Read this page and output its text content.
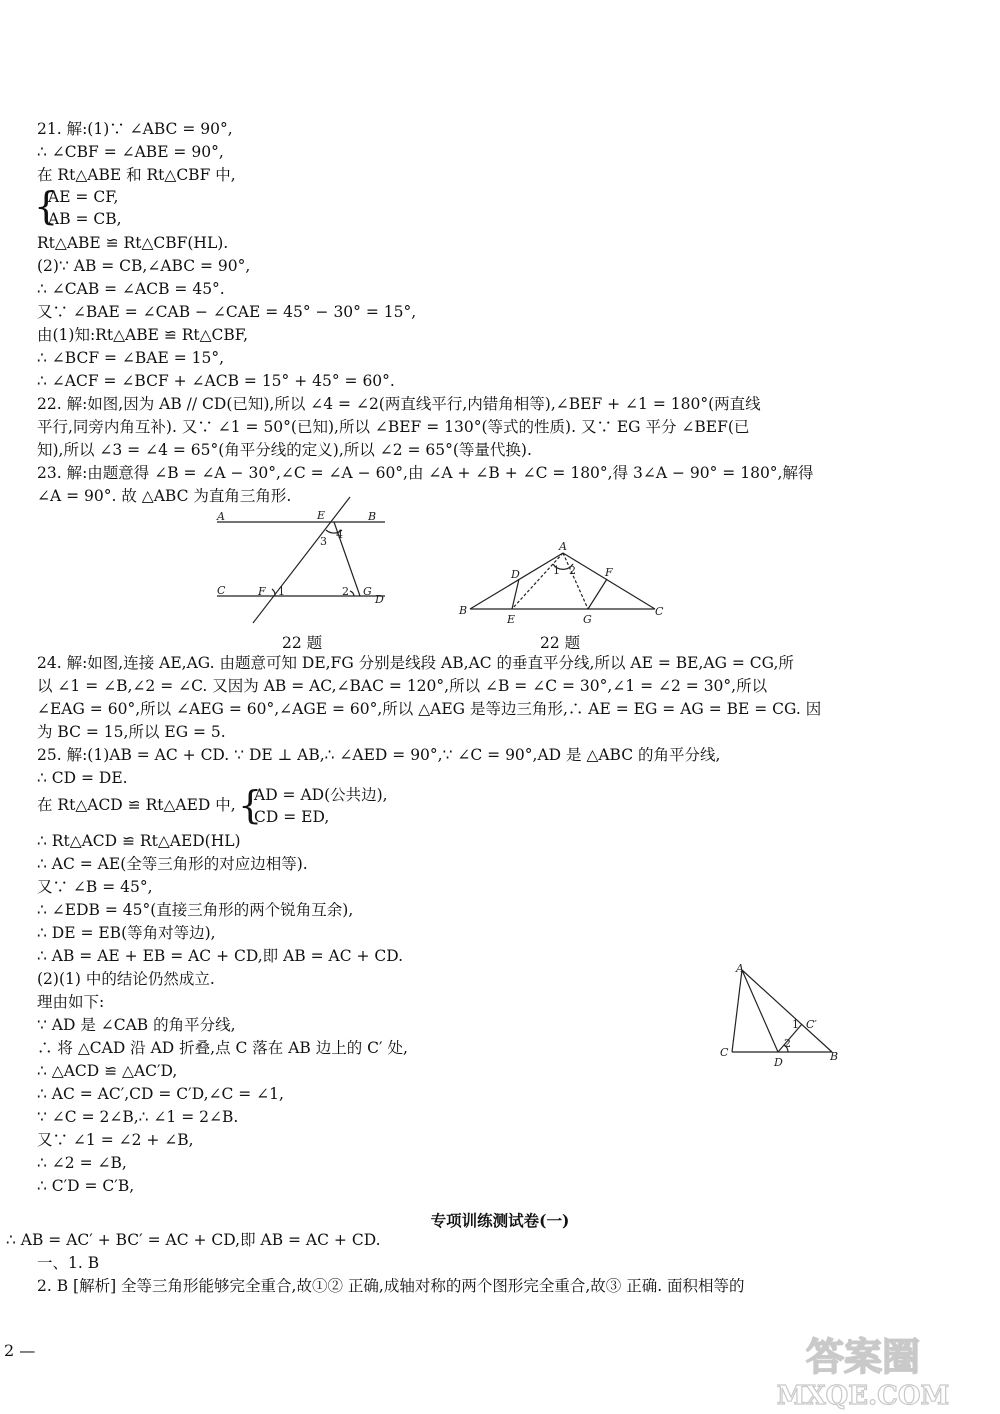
21. 解:(1)∵ ∠ABC = 90°,
∴ ∠CBF = ∠ABE = 90°,
在 Rt△ABE 和 Rt△CBF 中,
{
AE = CF,
AB = CB,
Rt△ABE ≌ Rt△CBF(HL).
(2)∵ AB = CB,∠ABC = 90°,
∴ ∠CAB = ∠ACB = 45°.
又∵ ∠BAE = ∠CAB − ∠CAE = 45° − 30° = 15°,
由(1)知:Rt△ABE ≌ Rt△CBF,
∴ ∠BCF = ∠BAE = 15°,
∴ ∠ACF = ∠BCF + ∠ACB = 15° + 45° = 60°.
22. 解:如图,因为 AB // CD(已知),所以 ∠4 = ∠2(两直线平行,内错角相等),∠BEF + ∠1 = 180°(两直线
平行,同旁内角互补). 又∵ ∠1 = 50°(已知),所以 ∠BEF = 130°(等式的性质). 又∵ EG 平分 ∠BEF(已
知),所以 ∠3 = ∠4 = 65°(角平分线的定义),所以 ∠2 = 65°(等量代换).
23. 解:由题意得 ∠B = ∠A − 30°,∠C = ∠A − 60°,由 ∠A + ∠B + ∠C = 180°,得 3∠A − 90° = 180°,解得
∠A = 90°. 故 △ABC 为直角三角形.
A	E	B
3
4
C	F 1	2 G
D
A
D	1 2	F
B
E	G
C
22 题	22 题
24. 解:如图,连接 AE,AG. 由题意可知 DE,FG 分别是线段 AB,AC 的垂直平分线,所以 AE = BE,AG = CG,所
以 ∠1 = ∠B,∠2 = ∠C. 又因为 AB = AC,∠BAC = 120°,所以 ∠B = ∠C = 30°,∠1 = ∠2 = 30°,所以
∠EAG = 60°,所以 ∠AEG = 60°,∠AGE = 60°,所以 △AEG 是等边三角形,∴ AE = EG = AG = BE = CG. 因
为 BC = 15,所以 EG = 5.
25. 解:(1)AB = AC + CD. ∵ DE ⊥ AB,∴ ∠AED = 90°,∵ ∠C = 90°,AD 是 △ABC 的角平分线,
∴ CD = DE.
在 Rt△ACD ≌ Rt△AED 中, {
AD = AD(公共边),
CD = ED,
∴ Rt△ACD ≌ Rt△AED(HL)
∴ AC = AE(全等三角形的对应边相等).
又∵ ∠B = 45°,
∴ ∠EDB = 45°(直接三角形的两个锐角互余),
∴ DE = EB(等角对等边),
∴ AB = AE + EB = AC + CD,即 AB = AC + CD.
(2)(1) 中的结论仍然成立.
理由如下:
∵ AD 是 ∠CAB 的角平分线,
∴ 将 △CAD 沿 AD 折叠,点 C 落在 AB 边上的 C′ 处,
∴ △ACD ≌ △AC′D,
∴ AC = AC′,CD = C′D,∠C = ∠1,
∵ ∠C = 2∠B,∴ ∠1 = 2∠B.
又∵ ∠1 = ∠2 + ∠B,
∴ ∠2 = ∠B,
∴ C′D = C′B,
A
1 C′
2
C
D	B
专项训练测试卷(一)
∴ AB = AC′ + BC′ = AC + CD,即 AB = AC + CD.
一、1. B
2. B [解析] 全等三角形能够完全重合,故①② 正确,成轴对称的两个图形完全重合,故③ 正确. 面积相等的
2 —	答案圈
MXQE.COM
